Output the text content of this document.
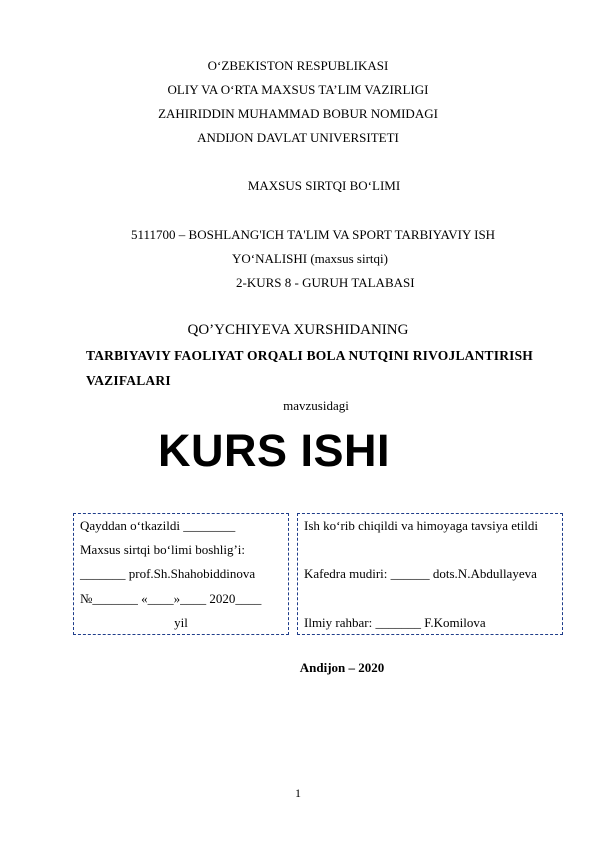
O‘ZBEKISTON RESPUBLIKASI
OLIY VA O‘RTA MAXSUS TA’LIM VAZIRLIGI
ZAHIRIDDIN MUHAMMAD BOBUR NOMIDAGI
ANDIJON DAVLAT UNIVERSITETI
MAXSUS SIRTQI BO‘LIMI
5111700 – BOSHLANG'ICH TA'LIM VA SPORT TARBIYAVIY ISH
YO‘NALISHI (maxsus sirtqi)
2-KURS 8 - GURUH TALABASI
QO’YCHIYEVA XURSHIDANING
TARBIYAVIY FAOLIYAT ORQALI BOLA NUTQINI RIVOJLANTIRISH
VAZIFALARI
mavzusidagi
KURS ISHI
Qayddan o‘tkazildi ________
Maxsus sirtqi bo‘limi boshlig’i:
_______ prof.Sh.Shahobiddinova
№_______ «____»____ 2020____
yil
Ish ko‘rib chiqildi va himoyaga tavsiya etildi
Kafedra mudiri: ______ dots.N.Abdullayeva
Ilmiy rahbar: _______ F.Komilova
Andijon – 2020
1
